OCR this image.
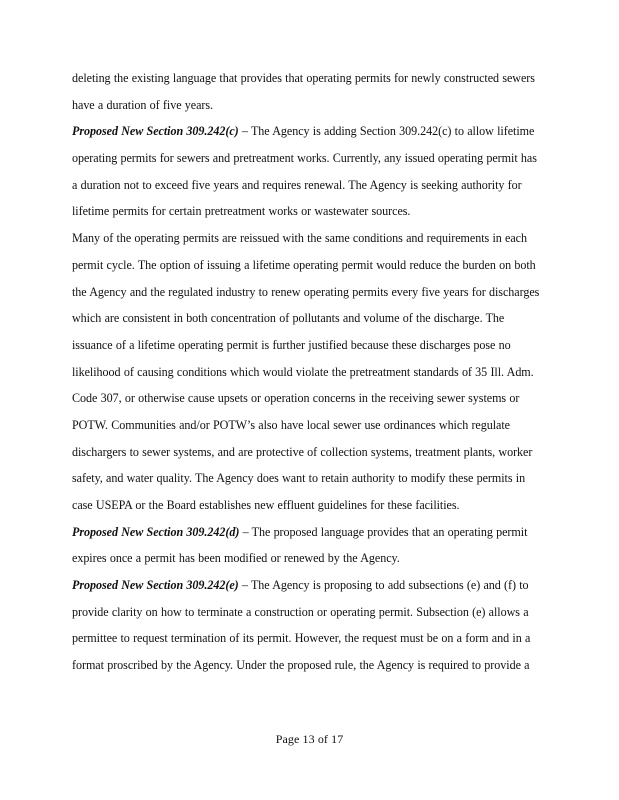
deleting the existing language that provides that operating permits for newly constructed sewers
have a duration of five years.
Proposed New Section 309.242(c) – The Agency is adding Section 309.242(c) to allow lifetime
operating permits for sewers and pretreatment works. Currently, any issued operating permit has
a duration not to exceed five years and requires renewal. The Agency is seeking authority for
lifetime permits for certain pretreatment works or wastewater sources.
Many of the operating permits are reissued with the same conditions and requirements in each
permit cycle. The option of issuing a lifetime operating permit would reduce the burden on both
the Agency and the regulated industry to renew operating permits every five years for discharges
which are consistent in both concentration of pollutants and volume of the discharge. The
issuance of a lifetime operating permit is further justified because these discharges pose no
likelihood of causing conditions which would violate the pretreatment standards of 35 Ill. Adm.
Code 307, or otherwise cause upsets or operation concerns in the receiving sewer systems or
POTW. Communities and/or POTW’s also have local sewer use ordinances which regulate
dischargers to sewer systems, and are protective of collection systems, treatment plants, worker
safety, and water quality. The Agency does want to retain authority to modify these permits in
case USEPA or the Board establishes new effluent guidelines for these facilities.
Proposed New Section 309.242(d) – The proposed language provides that an operating permit
expires once a permit has been modified or renewed by the Agency.
Proposed New Section 309.242(e) – The Agency is proposing to add subsections (e) and (f) to
provide clarity on how to terminate a construction or operating permit. Subsection (e) allows a
permittee to request termination of its permit. However, the request must be on a form and in a
format proscribed by the Agency. Under the proposed rule, the Agency is required to provide a
Page 13 of 17
